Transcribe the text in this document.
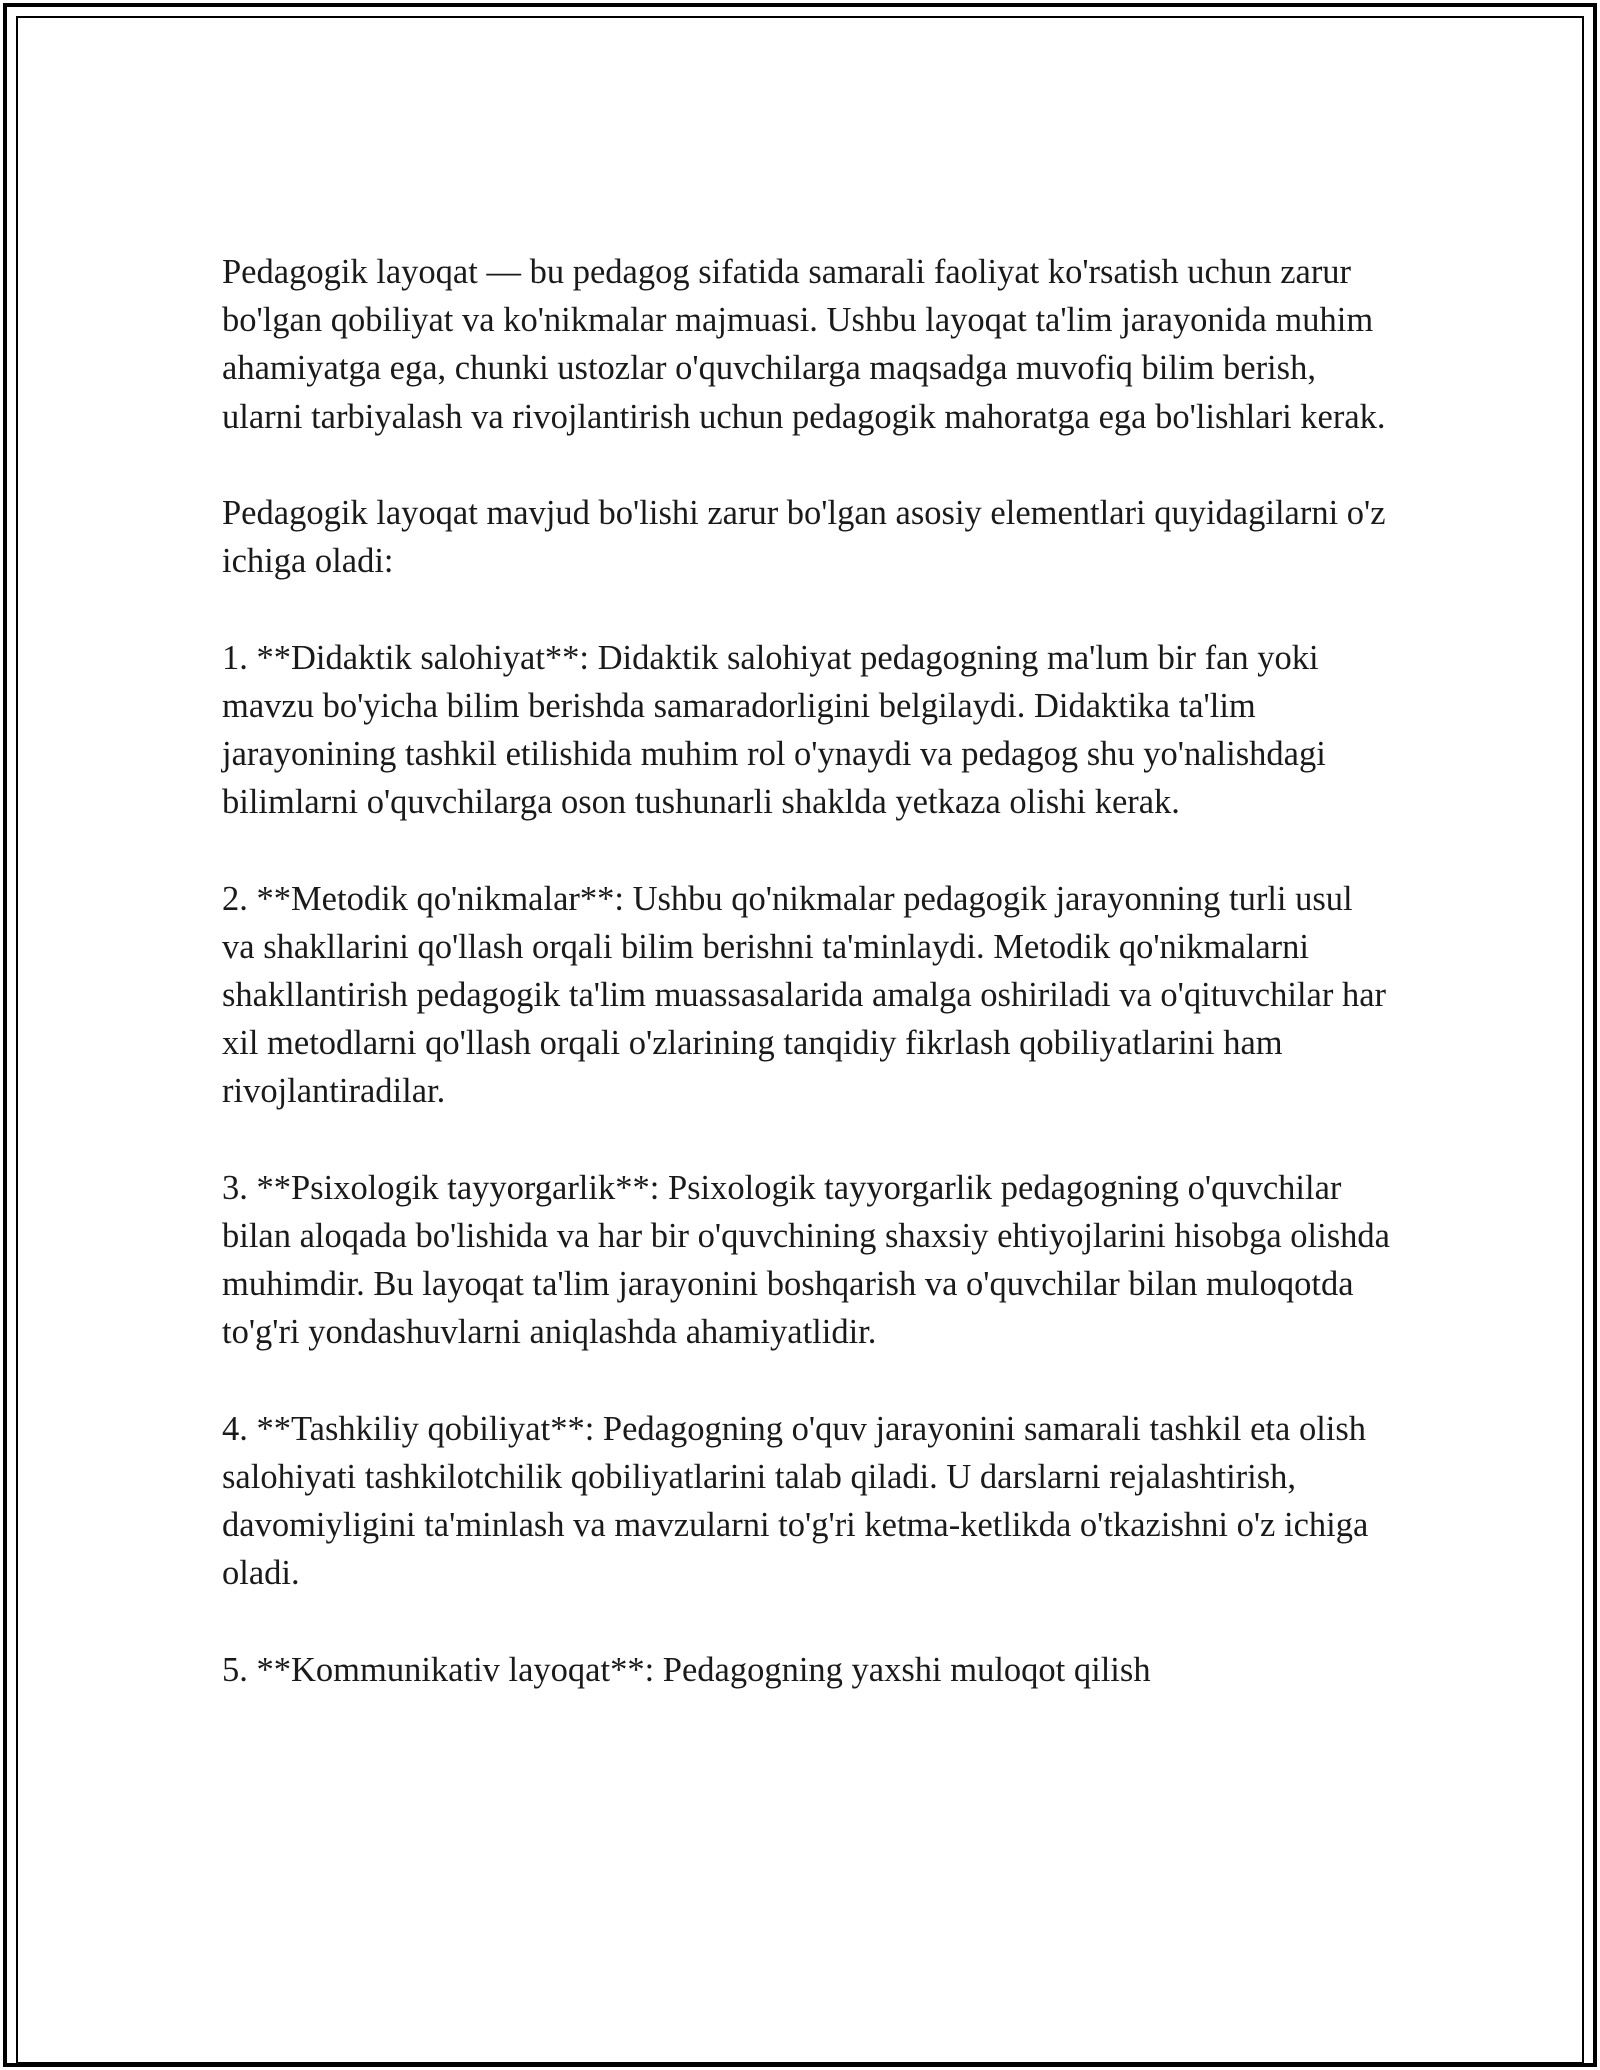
Pedagogik layoqat — bu pedagog sifatida samarali faoliyat ko'rsatish uchun zarur bo'lgan qobiliyat va ko'nikmalar majmuasi. Ushbu layoqat ta'lim jarayonida muhim ahamiyatga ega, chunki ustozlar o'quvchilarga maqsadga muvofiq bilim berish, ularni tarbiyalash va rivojlantirish uchun pedagogik mahoratga ega bo'lishlari kerak.

Pedagogik layoqat mavjud bo'lishi zarur bo'lgan asosiy elementlari quyidagilarni o'z ichiga oladi:

1. **Didaktik salohiyat**: Didaktik salohiyat pedagogning ma'lum bir fan yoki mavzu bo'yicha bilim berishda samaradorligini belgilaydi. Didaktika ta'lim jarayonining tashkil etilishida muhim rol o'ynaydi va pedagog shu yo'nalishdagi bilimlarni o'quvchilarga oson tushunarli shaklda yetkaza olishi kerak.

2. **Metodik qo'nikmalar**: Ushbu qo'nikmalar pedagogik jarayonning turli usul va shakllarini qo'llash orqali bilim berishni ta'minlaydi. Metodik qo'nikmalarni shakllantirish pedagogik ta'lim muassasalarida amalga oshiriladi va o'qituvchilar har xil metodlarni qo'llash orqali o'zlarining tanqidiy fikrlash qobiliyatlarini ham rivojlantiradilar.

3. **Psixologik tayyorgarlik**: Psixologik tayyorgarlik pedagogning o'quvchilar bilan aloqada bo'lishida va har bir o'quvchining shaxsiy ehtiyojlarini hisobga olishda muhimdir. Bu layoqat ta'lim jarayonini boshqarish va o'quvchilar bilan muloqotda to'g'ri yondashuvlarni aniqlashda ahamiyatlidir.

4. **Tashkiliy qobiliyat**: Pedagogning o'quv jarayonini samarali tashkil eta olish salohiyati tashkilotchilik qobiliyatlarini talab qiladi. U darslarni rejalashtirish, davomiyligini ta'minlash va mavzularni to'g'ri ketma-ketlikda o'tkazishni o'z ichiga oladi.

5. **Kommunikativ layoqat**: Pedagogning yaxshi muloqot qilish
